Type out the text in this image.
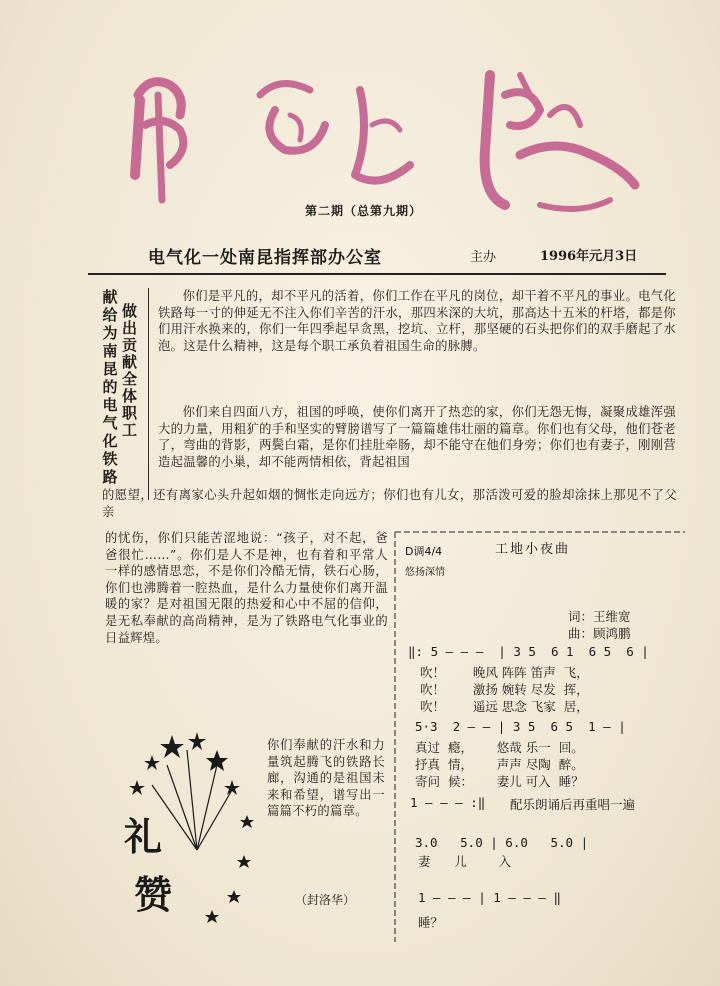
第二期（总第九期）
电气化一处南昆指挥部办公室	主办	1996年元月3日
献给为南昆的电气化铁路
做出贡献全体职工
你们是平凡的，却不平凡的活着，你们工作在平凡的岗位，却干着不平凡的事业。电气化铁路每一寸的伸延无不注入你们辛苦的汗水，那四米深的大坑，那高达十五米的杆塔，都是你们用汗水换来的，你们一年四季起早贪黑，挖坑、立杆，那坚硬的石头把你们的双手磨起了水泡。这是什么精神，这是每个职工承负着祖国生命的脉膊。
你们来自四面八方，祖国的呼唤，使你们离开了热恋的家，你们无怨无悔，凝聚成雄浑强大的力量，用粗犷的手和坚实的臂膀谱写了一篇篇雄伟壮丽的篇章。你们也有父母，他们苍老了，弯曲的背影，两鬓白霜，是你们挂肚牵肠，却不能守在他们身旁；你们也有妻子，刚刚营造起温馨的小巢，却不能两情相依，背起祖国
的愿望，还有离家心头升起如烟的惆怅走向远方；你们也有儿女，那活泼可爱的脸却涂抹上那见不了父亲
的忧伤，你们只能苦涩地说：“孩子，对不起，爸爸很忙……”。你们是人不是神，也有着和平常人一样的感情思恋，不是你们冷酷无情，铁石心肠，你们也沸腾着一腔热血，是什么力量使你们离开温暖的家？是对祖国无限的热爱和心中不屈的信仰，是无私奉献的高尚精神，是为了铁路电气化事业的日益辉煌。
你们奉献的汗水和力量筑起腾飞的铁路长廊，沟通的是祖国未来和希望，谱写出一篇篇不朽的篇章。
（封洛华）
礼
赞
D调4/4
悠扬深情
工地小夜曲
词：王维宽
曲：顾鸿鹏
‖: 5 — — —  | 3 5  6 1  6 5  6 |
吹！       晚风 阵阵 笛声  飞，
吹！       激扬 婉转 尽发  挥，
吹！       遥远 思念 飞家  居，
5·3  2 — — | 3 5  6 5  1 — |
真过  瘾，      悠哉 乐一  回。
抒真  情，      声声 尽陶  醉。
寄问  候：      妻儿 可入  睡？
1 — — — :‖ 配乐朗诵后再重唱一遍
3.0   5.0 | 6.0   5.0 |
妻      儿        入
1 — — — | 1 — — — ‖
睡？
